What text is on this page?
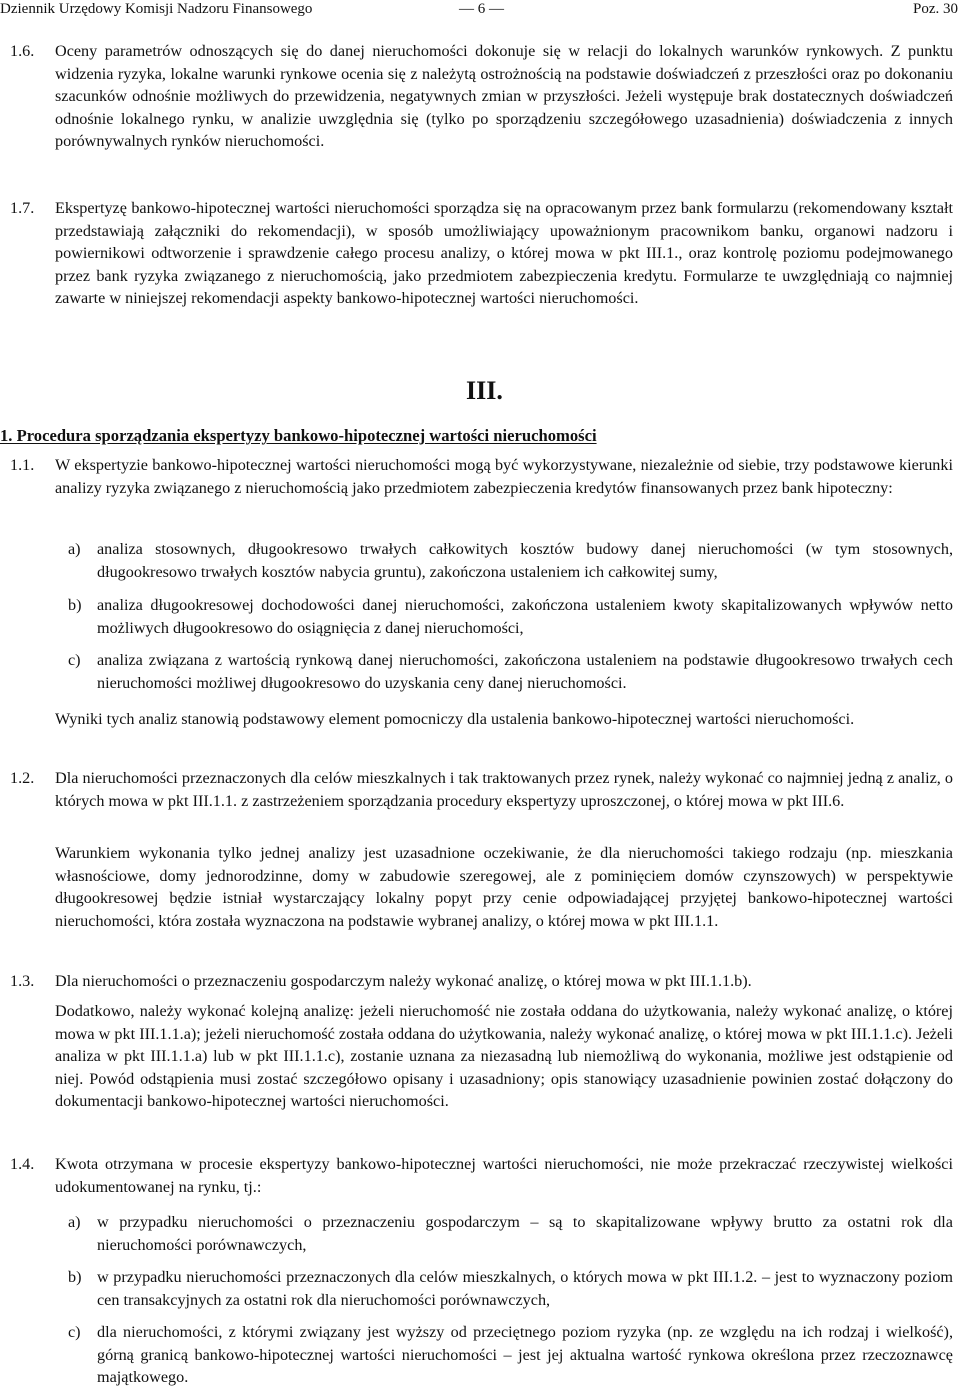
Dziennik Urzędowy Komisji Nadzoru Finansowego	— 6 —	Poz. 30
1.6. Oceny parametrów odnoszących się do danej nieruchomości dokonuje się w relacji do lokalnych warunków rynkowych. Z punktu widzenia ryzyka, lokalne warunki rynkowe ocenia się z należytą ostrożnością na podstawie doświadczeń z przeszłości oraz po dokonaniu szacunków odnośnie możliwych do przewidzenia, negatywnych zmian w przyszłości. Jeżeli występuje brak dostatecznych doświadczeń odnośnie lokalnego rynku, w analizie uwzględnia się (tylko po sporządzeniu szczegółowego uzasadnienia) doświadczenia z innych porównywalnych rynków nieruchomości.
1.7. Ekspertyzę bankowo-hipotecznej wartości nieruchomości sporządza się na opracowanym przez bank formularzu (rekomendowany kształt przedstawiają załączniki do rekomendacji), w sposób umożliwiający upoważnionym pracownikom banku, organowi nadzoru i powiernikowi odtworzenie i sprawdzenie całego procesu analizy, o której mowa w pkt III.1., oraz kontrolę poziomu podejmowanego przez bank ryzyka związanego z nieruchomością, jako przedmiotem zabezpieczenia kredytu. Formularze te uwzględniają co najmniej zawarte w niniejszej rekomendacji aspekty bankowo-hipotecznej wartości nieruchomości.
III.
1. Procedura sporządzania ekspertyzy bankowo-hipotecznej wartości nieruchomości
1.1. W ekspertyzie bankowo-hipotecznej wartości nieruchomości mogą być wykorzystywane, niezależnie od siebie, trzy podstawowe kierunki analizy ryzyka związanego z nieruchomością jako przedmiotem zabezpieczenia kredytów finansowanych przez bank hipoteczny:
a) analiza stosownych, długookresowo trwałych całkowitych kosztów budowy danej nieruchomości (w tym stosownych, długookresowo trwałych kosztów nabycia gruntu), zakończona ustaleniem ich całkowitej sumy,
b) analiza długookresowej dochodowości danej nieruchomości, zakończona ustaleniem kwoty skapitalizowanych wpływów netto możliwych długookresowo do osiągnięcia z danej nieruchomości,
c) analiza związana z wartością rynkową danej nieruchomości, zakończona ustaleniem na podstawie długookresowo trwałych cech nieruchomości możliwej długookresowo do uzyskania ceny danej nieruchomości.
Wyniki tych analiz stanowią podstawowy element pomocniczy dla ustalenia bankowo-hipotecznej wartości nieruchomości.
1.2. Dla nieruchomości przeznaczonych dla celów mieszkalnych i tak traktowanych przez rynek, należy wykonać co najmniej jedną z analiz, o których mowa w pkt III.1.1. z zastrzeżeniem sporządzania procedury ekspertyzy uproszczonej, o której mowa w pkt III.6.
Warunkiem wykonania tylko jednej analizy jest uzasadnione oczekiwanie, że dla nieruchomości takiego rodzaju (np. mieszkania własnościowe, domy jednorodzinne, domy w zabudowie szeregowej, ale z pominięciem domów czynszowych) w perspektywie długookresowej będzie istniał wystarczający lokalny popyt przy cenie odpowiadającej przyjętej bankowo-hipotecznej wartości nieruchomości, która została wyznaczona na podstawie wybranej analizy, o której mowa w pkt III.1.1.
1.3. Dla nieruchomości o przeznaczeniu gospodarczym należy wykonać analizę, o której mowa w pkt III.1.1.b).
Dodatkowo, należy wykonać kolejną analizę: jeżeli nieruchomość nie została oddana do użytkowania, należy wykonać analizę, o której mowa w pkt III.1.1.a); jeżeli nieruchomość została oddana do użytkowania, należy wykonać analizę, o której mowa w pkt III.1.1.c). Jeżeli analiza w pkt III.1.1.a) lub w pkt III.1.1.c), zostanie uznana za niezasadną lub niemożliwą do wykonania, możliwe jest odstąpienie od niej. Powód odstąpienia musi zostać szczegółowo opisany i uzasadniony; opis stanowiący uzasadnienie powinien zostać dołączony do dokumentacji bankowo-hipotecznej wartości nieruchomości.
1.4. Kwota otrzymana w procesie ekspertyzy bankowo-hipotecznej wartości nieruchomości, nie może przekraczać rzeczywistej wielkości udokumentowanej na rynku, tj.:
a) w przypadku nieruchomości o przeznaczeniu gospodarczym – są to skapitalizowane wpływy brutto za ostatni rok dla nieruchomości porównawczych,
b) w przypadku nieruchomości przeznaczonych dla celów mieszkalnych, o których mowa w pkt III.1.2. – jest to wyznaczony poziom cen transakcyjnych za ostatni rok dla nieruchomości porównawczych,
c) dla nieruchomości, z którymi związany jest wyższy od przeciętnego poziom ryzyka (np. ze względu na ich rodzaj i wielkość), górną granicą bankowo-hipotecznej wartości nieruchomości – jest jej aktualna wartość rynkowa określona przez rzeczoznawcę majątkowego.
